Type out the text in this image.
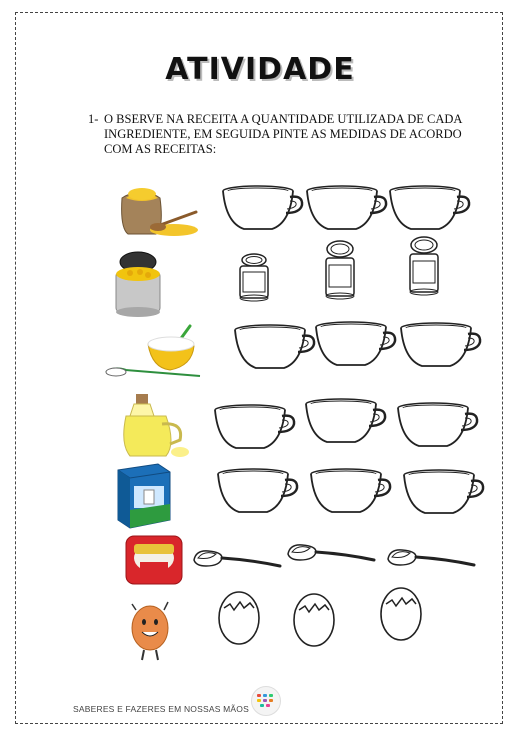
ATIVIDADE
1- O BSERVE NA RECEITA A QUANTIDADE UTILIZADA DE CADA INGREDIENTE, EM SEGUIDA PINTE AS MEDIDAS DE ACORDO COM AS RECEITAS:
SABERES E FAZERES EM NOSSAS MÃOS
